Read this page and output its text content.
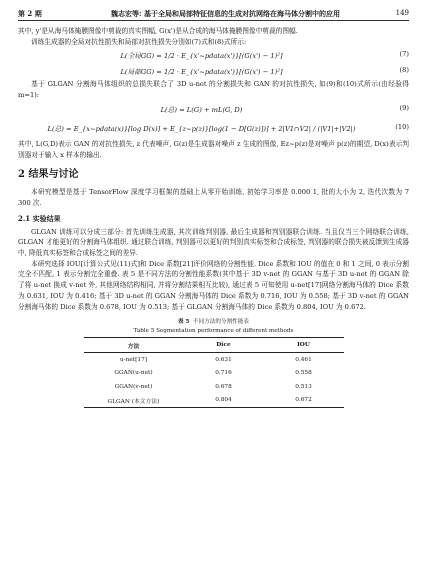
第 2 期	魏志宏等: 基于全局和局部特征信息的生成对抗网络在海马体分割中的应用	149

其中, y'是从海马体掩膜图像中剪裁的真实图幅, G(x')是从合成的海马体掩膜图像中剪裁的图幅.

训练生成器的全局对抗性损失和局部对抗性损失分别如(7)式和(8)式所示:

L(全局GG) = 1/2 · E_{x'~pdata(x')}[(G(x') − 1)²]	(7)
L(局部GG) = 1/2 · E_{x'~pdata(x')}[(G(x') − 1)²]	(8)

基于 GLGAN 分割海马体组织的总损失联合了 3D u-net 的分割损失和 GAN 的对抗性损失, 如(9)和(10)式所示(由经验得 m=1):

L(总) = L(G) + mL(G, D)	(9)
L(总) = E_{x~pdata(x)}[log D(x)] + E_{z~p(z)}[log(1 − D[G(z)])] + 2|V1∩V2| / (|V1|+|V2|)	(10)

其中, L(G,D)表示 GAN 的对抗性损失, z 代表噪声, G(z)是生成器对噪声 z 生成的图像, Ez~p(z)是对噪声 p(z)的期望, D(x)表示判别器对于输入 x 样本的输出.

2 结果与讨论

本研究模型是基于 TensorFlow 深度学习框架的基础上从零开始训练, 初始学习率是 0.000 1, 批的大小为 2, 迭代次数为 7 300 次.

2.1 实验结果

GLGAN 训练可以分成三部分: 首先训练生成器, 其次训练判别器, 最后生成器和判别器联合训练. 当且仅当三个网络联合训练, GLGAN 才能更好的分割海马体组织. 通过联合训练, 判别器可以更好的判别真实标签和合成标签, 判别器的联合损失被反馈到生成器中, 降低真实标签和合成标签之间的差异.

本研究选择 IOU[计算公式见(11)式]和 Dice 系数[21]评价网络的分割性能. Dice 系数和 IOU 的值在 0 和 1 之间, 0 表示分割完全不匹配, 1 表示分割完全重叠. 表 5 是不同方法的分割性能系数(其中基于 3D v-net 的 GGAN 与基于 3D u-net 的 GGAN 除了将 u-net 换成 v-net 外, 其他网络结构相同, 并将分割结果相互比较), 通过表 5 可知使用 u-net[17]网络分割海马体的 Dice 系数为 0.631, IOU 为 0.416; 基于 3D u-net 的 GGAN 分割海马体的 Dice 系数为 0.716, IOU 为 0.558; 基于 3D v-net 的 GGAN 分割海马体的 Dice 系数为 0.678, IOU 为 0.513; 基于 GLGAN 分割海马体的 Dice 系数为 0.804, IOU 为 0.672.

表 5 不同方法的分割性能表
Table 5 Segmentation performance of different methods
方法	Dice	IOU
u-net[17]	0.631	0.461
GGAN(u-net)	0.716	0.558
GGAN(v-net)	0.678	0.513
GLGAN (本文方法)	0.804	0.672
